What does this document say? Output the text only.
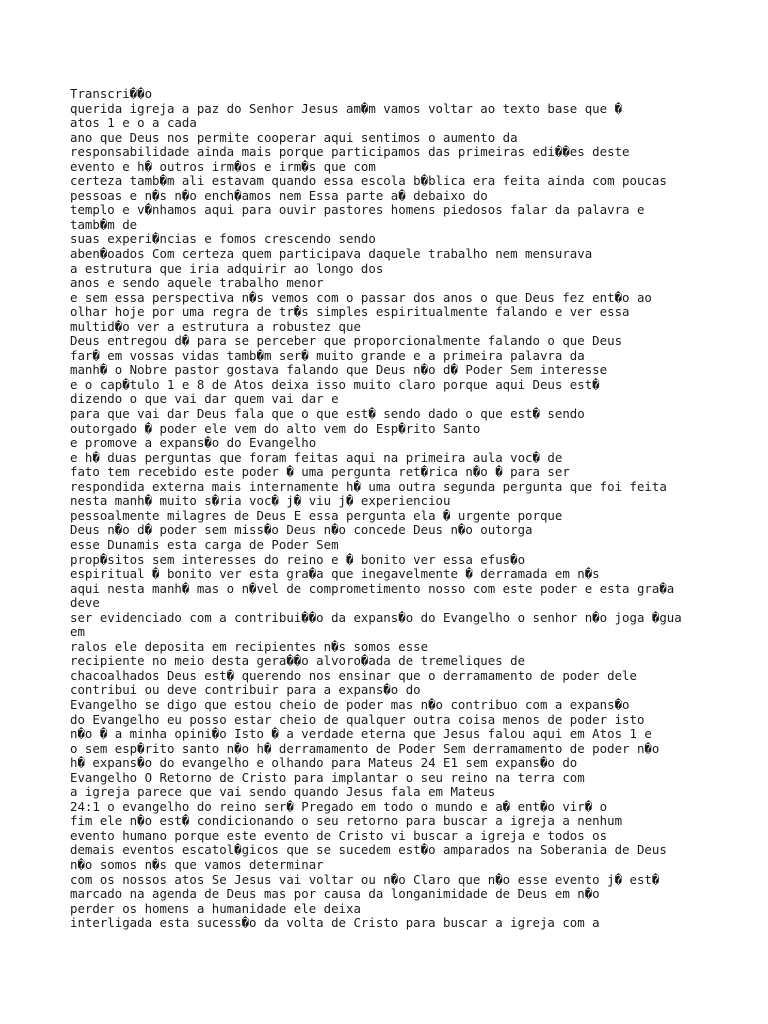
Transcri��o
querida igreja a paz do Senhor Jesus am�m vamos voltar ao texto base que �
atos 1 e o a cada
ano que Deus nos permite cooperar aqui sentimos o aumento da
responsabilidade ainda mais porque participamos das primeiras edi��es deste
evento e h� outros irm�os e irm�s que com
certeza tamb�m ali estavam quando essa escola b�blica era feita ainda com poucas
pessoas e n�s n�o ench�amos nem Essa parte a� debaixo do
templo e v�nhamos aqui para ouvir pastores homens piedosos falar da palavra e
tamb�m de
suas experi�ncias e fomos crescendo sendo
aben�oados Com certeza quem participava daquele trabalho nem mensurava
a estrutura que iria adquirir ao longo dos
anos e sendo aquele trabalho menor
e sem essa perspectiva n�s vemos com o passar dos anos o que Deus fez ent�o ao
olhar hoje por uma regra de tr�s simples espiritualmente falando e ver essa
multid�o ver a estrutura a robustez que
Deus entregou d� para se perceber que proporcionalmente falando o que Deus
far� em vossas vidas tamb�m ser� muito grande e a primeira palavra da
manh� o Nobre pastor gostava falando que Deus n�o d� Poder Sem interesse
e o cap�tulo 1 e 8 de Atos deixa isso muito claro porque aqui Deus est�
dizendo o que vai dar quem vai dar e
para que vai dar Deus fala que o que est� sendo dado o que est� sendo
outorgado � poder ele vem do alto vem do Esp�rito Santo
e promove a expans�o do Evangelho
e h� duas perguntas que foram feitas aqui na primeira aula voc� de
fato tem recebido este poder � uma pergunta ret�rica n�o � para ser
respondida externa mais internamente h� uma outra segunda pergunta que foi feita
nesta manh� muito s�ria voc� j� viu j� experienciou
pessoalmente milagres de Deus E essa pergunta ela � urgente porque
Deus n�o d� poder sem miss�o Deus n�o concede Deus n�o outorga
esse Dunamis esta carga de Poder Sem
prop�sitos sem interesses do reino e � bonito ver essa efus�o
espiritual � bonito ver esta gra�a que inegavelmente � derramada em n�s
aqui nesta manh� mas o n�vel de comprometimento nosso com este poder e esta gra�a
deve
ser evidenciado com a contribui��o da expans�o do Evangelho o senhor n�o joga �gua
em
ralos ele deposita em recipientes n�s somos esse
recipiente no meio desta gera��o alvoro�ada de tremeliques de
chacoalhados Deus est� querendo nos ensinar que o derramamento de poder dele
contribui ou deve contribuir para a expans�o do
Evangelho se digo que estou cheio de poder mas n�o contribuo com a expans�o
do Evangelho eu posso estar cheio de qualquer outra coisa menos de poder isto
n�o � a minha opini�o Isto � a verdade eterna que Jesus falou aqui em Atos 1 e
o sem esp�rito santo n�o h� derramamento de Poder Sem derramamento de poder n�o
h� expans�o do evangelho e olhando para Mateus 24 E1 sem expans�o do
Evangelho O Retorno de Cristo para implantar o seu reino na terra com
a igreja parece que vai sendo quando Jesus fala em Mateus
24:1 o evangelho do reino ser� Pregado em todo o mundo e a� ent�o vir� o
fim ele n�o est� condicionando o seu retorno para buscar a igreja a nenhum
evento humano porque este evento de Cristo vi buscar a igreja e todos os
demais eventos escatol�gicos que se sucedem est�o amparados na Soberania de Deus
n�o somos n�s que vamos determinar
com os nossos atos Se Jesus vai voltar ou n�o Claro que n�o esse evento j� est�
marcado na agenda de Deus mas por causa da longanimidade de Deus em n�o
perder os homens a humanidade ele deixa
interligada esta sucess�o da volta de Cristo para buscar a igreja com a
